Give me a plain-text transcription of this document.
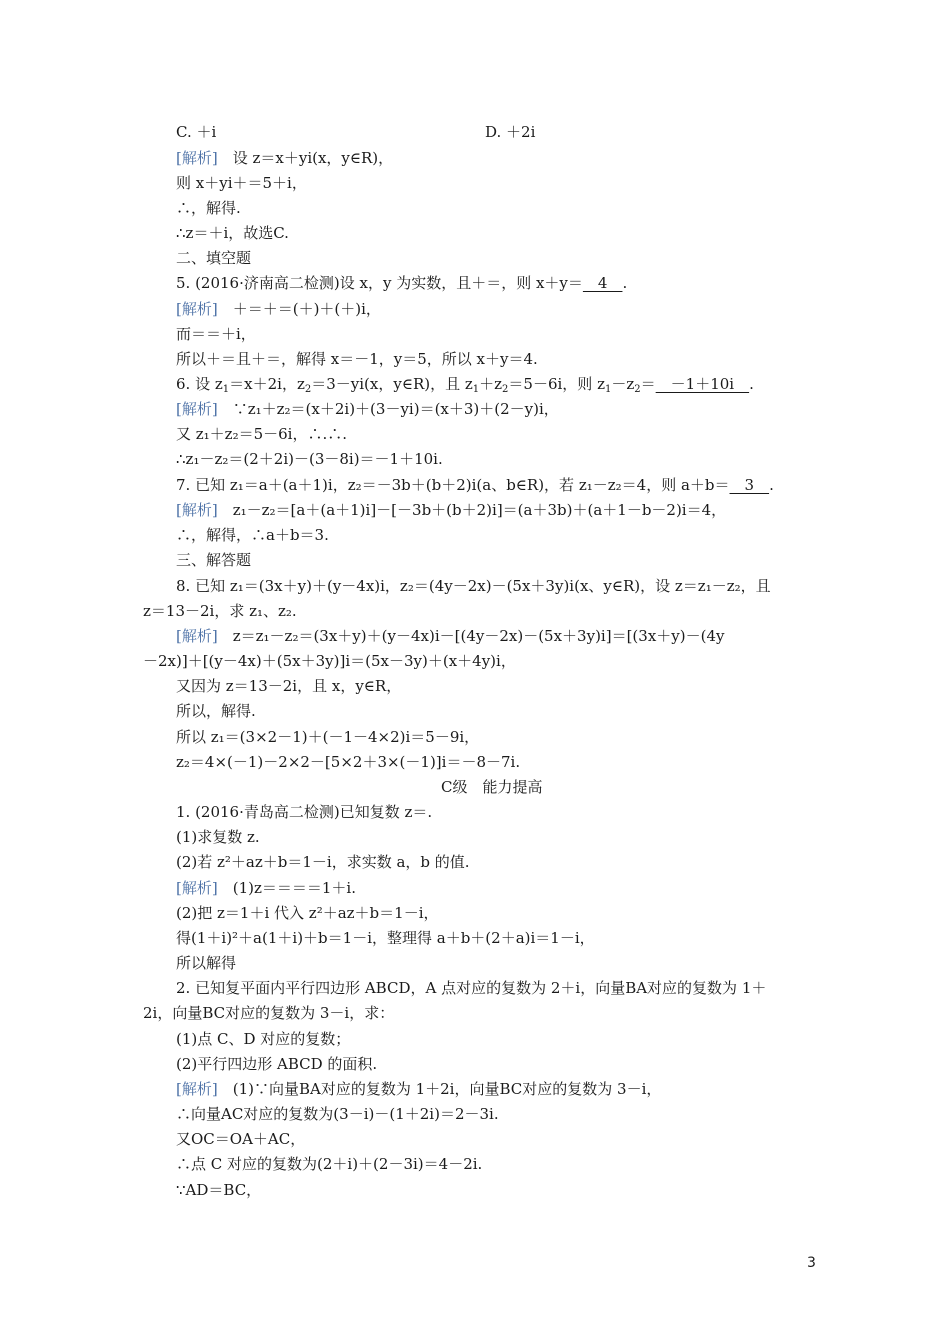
C. ＋i	D. ＋2i
[解析]　设 z＝x＋yi(x，y∈R)，
则 x＋yi＋＝5＋i，
∴，解得.
∴z＝＋i，故选C.
二、填空题
5. (2016·济南高二检测)设 x，y 为实数，且＋＝，则 x＋y＝　4　.
[解析]　＋＝＋＝(＋)＋(＋)i，
而＝＝＋i，
所以＋＝且＋＝，解得 x＝－1，y＝5，所以 x＋y＝4.
6. 设 $z_1=x+2i$，$z_2=3-yi(x$，y∈R)，且 $z_1+z_2=5-6i$，则 $z_1-z_2=$　－1＋10i　.
[解析]　∵z₁＋z₂＝(x＋2i)＋(3－yi)＝(x＋3)＋(2－y)i，
又 z₁＋z₂＝5－6i，∴.∴.
∴z₁－z₂＝(2＋2i)－(3－8i)＝－1＋10i.
7. 已知 z₁＝a＋(a＋1)i，z₂＝－3b＋(b＋2)i(a、b∈R)，若 z₁－z₂＝4，则 a＋b＝　3　.
[解析]　z₁－z₂＝[a＋(a＋1)i]－[－3b＋(b＋2)i]＝(a＋3b)＋(a＋1－b－2)i＝4，
∴，解得，∴a＋b＝3.
三、解答题
8. 已知 z₁＝(3x＋y)＋(y－4x)i，z₂＝(4y－2x)－(5x＋3y)i(x、y∈R)，设 z＝z₁－z₂，且
z＝13－2i，求 z₁、z₂.
[解析]　z＝z₁－z₂＝(3x＋y)＋(y－4x)i－[(4y－2x)－(5x＋3y)i]＝[(3x＋y)－(4y
－2x)]＋[(y－4x)＋(5x＋3y)]i＝(5x－3y)＋(x＋4y)i，
又因为 z＝13－2i，且 x，y∈R，
所以，解得.
所以 z₁＝(3×2－1)＋(－1－4×2)i＝5－9i，
z₂＝4×(－1)－2×2－[5×2＋3×(－1)]i＝－8－7i.
C级　能力提高
1. (2016·青岛高二检测)已知复数 z＝.
(1)求复数 z.
(2)若 z²＋az＋b＝1－i，求实数 a，b 的值.
[解析]　(1)z＝＝＝＝1＋i.
(2)把 z＝1＋i 代入 z²＋az＋b＝1－i，
得(1＋i)²＋a(1＋i)＋b＝1－i，整理得 a＋b＋(2＋a)i＝1－i，
所以解得
2. 已知复平面内平行四边形 ABCD，A 点对应的复数为 2＋i，向量BA对应的复数为 1＋
2i，向量BC对应的复数为 3－i，求：
(1)点 C、D 对应的复数；
(2)平行四边形 ABCD 的面积.
[解析]　(1)∵向量BA对应的复数为 1＋2i，向量BC对应的复数为 3－i，
∴向量AC对应的复数为(3－i)－(1＋2i)＝2－3i.
又OC＝OA＋AC，
∴点 C 对应的复数为(2＋i)＋(2－3i)＝4－2i.
∵AD＝BC，
3
